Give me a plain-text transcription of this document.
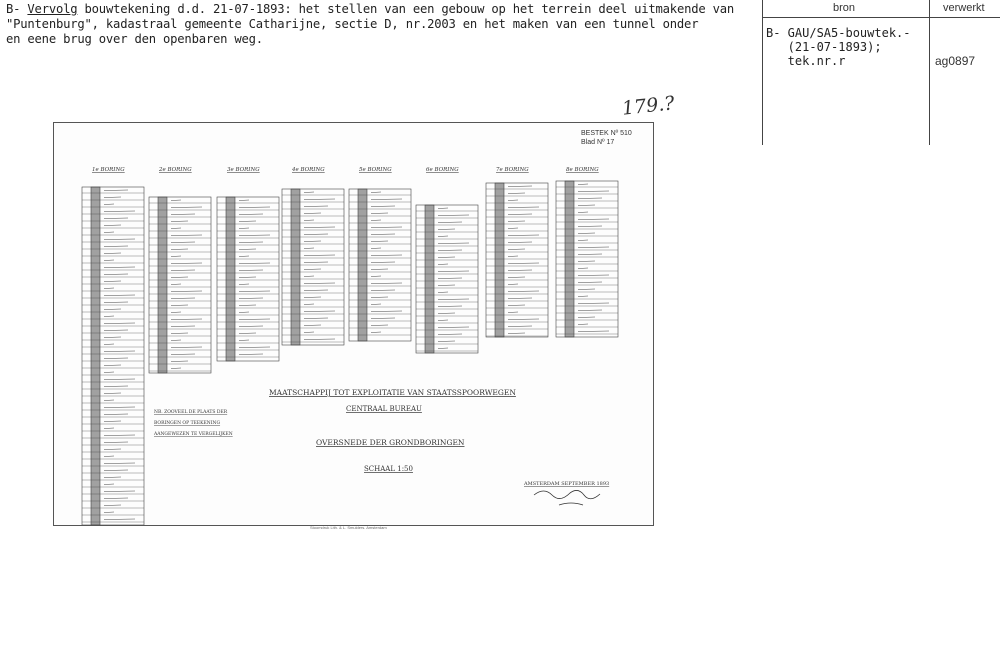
B- Vervolg bouwtekening d.d. 21-07-1893: het stellen van een gebouw op het terrein deel uitmakende van
"Puntenburg", kadastraal gemeente Catharijne, sectie D, nr.2003 en het maken van een tunnel onder
en eene brug over den openbaren weg.
bron	verwerkt
B- GAU/SA5-bouwtek.-
(21-07-1893);
tek.nr.r	ag0897
179.?
1e BORING	2e BORING	3e BORING	4e BORING	5e BORING	6e BORING	7e BORING	8e BORING
MAATSCHAPPIJ TOT EXPLOITATIE VAN STAATSSPOORWEGEN
CENTRAAL BUREAU
OVERSNEDE DER GRONDBORINGEN
SCHAAL 1:50
AMSTERDAM SEPTEMBER 1893
NB. ZOOVEEL DE PLAATS DER
BORINGEN OP TEEKENING
AANGEWEZEN TE VERGELIJKEN
BESTEK Nº 510
Blad Nº 17
Stoomdruk Lith. & L. Smulders. Amsterdam
